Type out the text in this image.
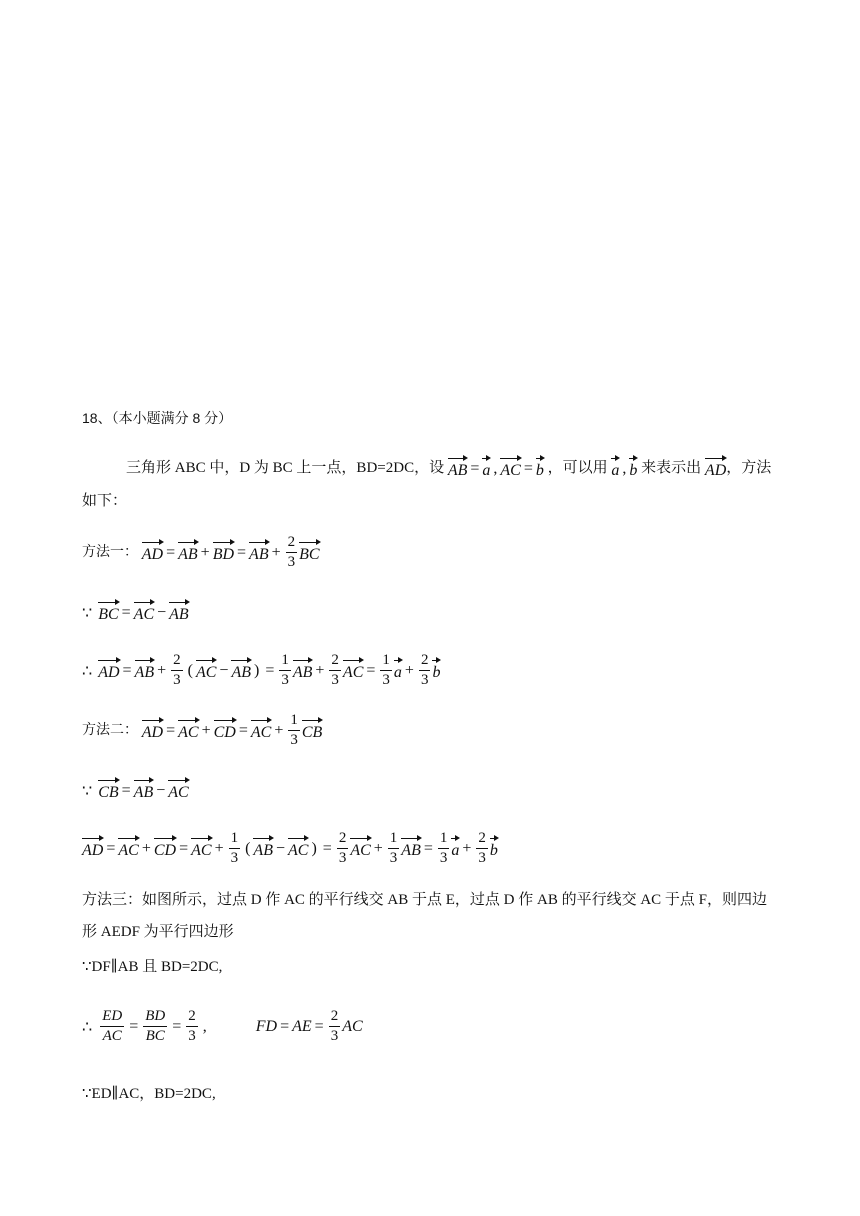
18、（本小题满分 8 分）
三角形 ABC 中，D 为 BC 上一点，BD=2DC，设 AB = a , AC = b ，可以用 a , b 来表示出 AD ，方法如下：
方法一： AD = AB + BD = AB + $\frac{2}{3}$ BC
∵ BC = AC − AB
∴ AD = AB + $\frac{2}{3}$ ( AC − AB ) = $\frac{1}{3}$ AB + $\frac{2}{3}$ AC = $\frac{1}{3}$ $a + \frac{2}{3}$ b
方法二： AD = AC + CD = AC + $\frac{1}{3}$ CB
∵ CB = AB − AC
AD = AC + CD = AC + $\frac{1}{3}$ ( AB − AC ) = $\frac{2}{3}$ AC + $\frac{1}{3}$ AB = $\frac{1}{3}$ $a + \frac{2}{3}$ b
方法三：如图所示，过点 D 作 AC 的平行线交 AB 于点 E，过点 D 作 AB 的平行线交 AC 于点 F，则四边形 AEDF 为平行四边形
∵DF∥AB 且 BD=2DC,
∴ $\frac{ED}{AC} = \frac{BD}{BC} = \frac{2}{3}$ ,	FD = AE = $\frac{2}{3}$ AC
∵ED∥AC，BD=2DC,
